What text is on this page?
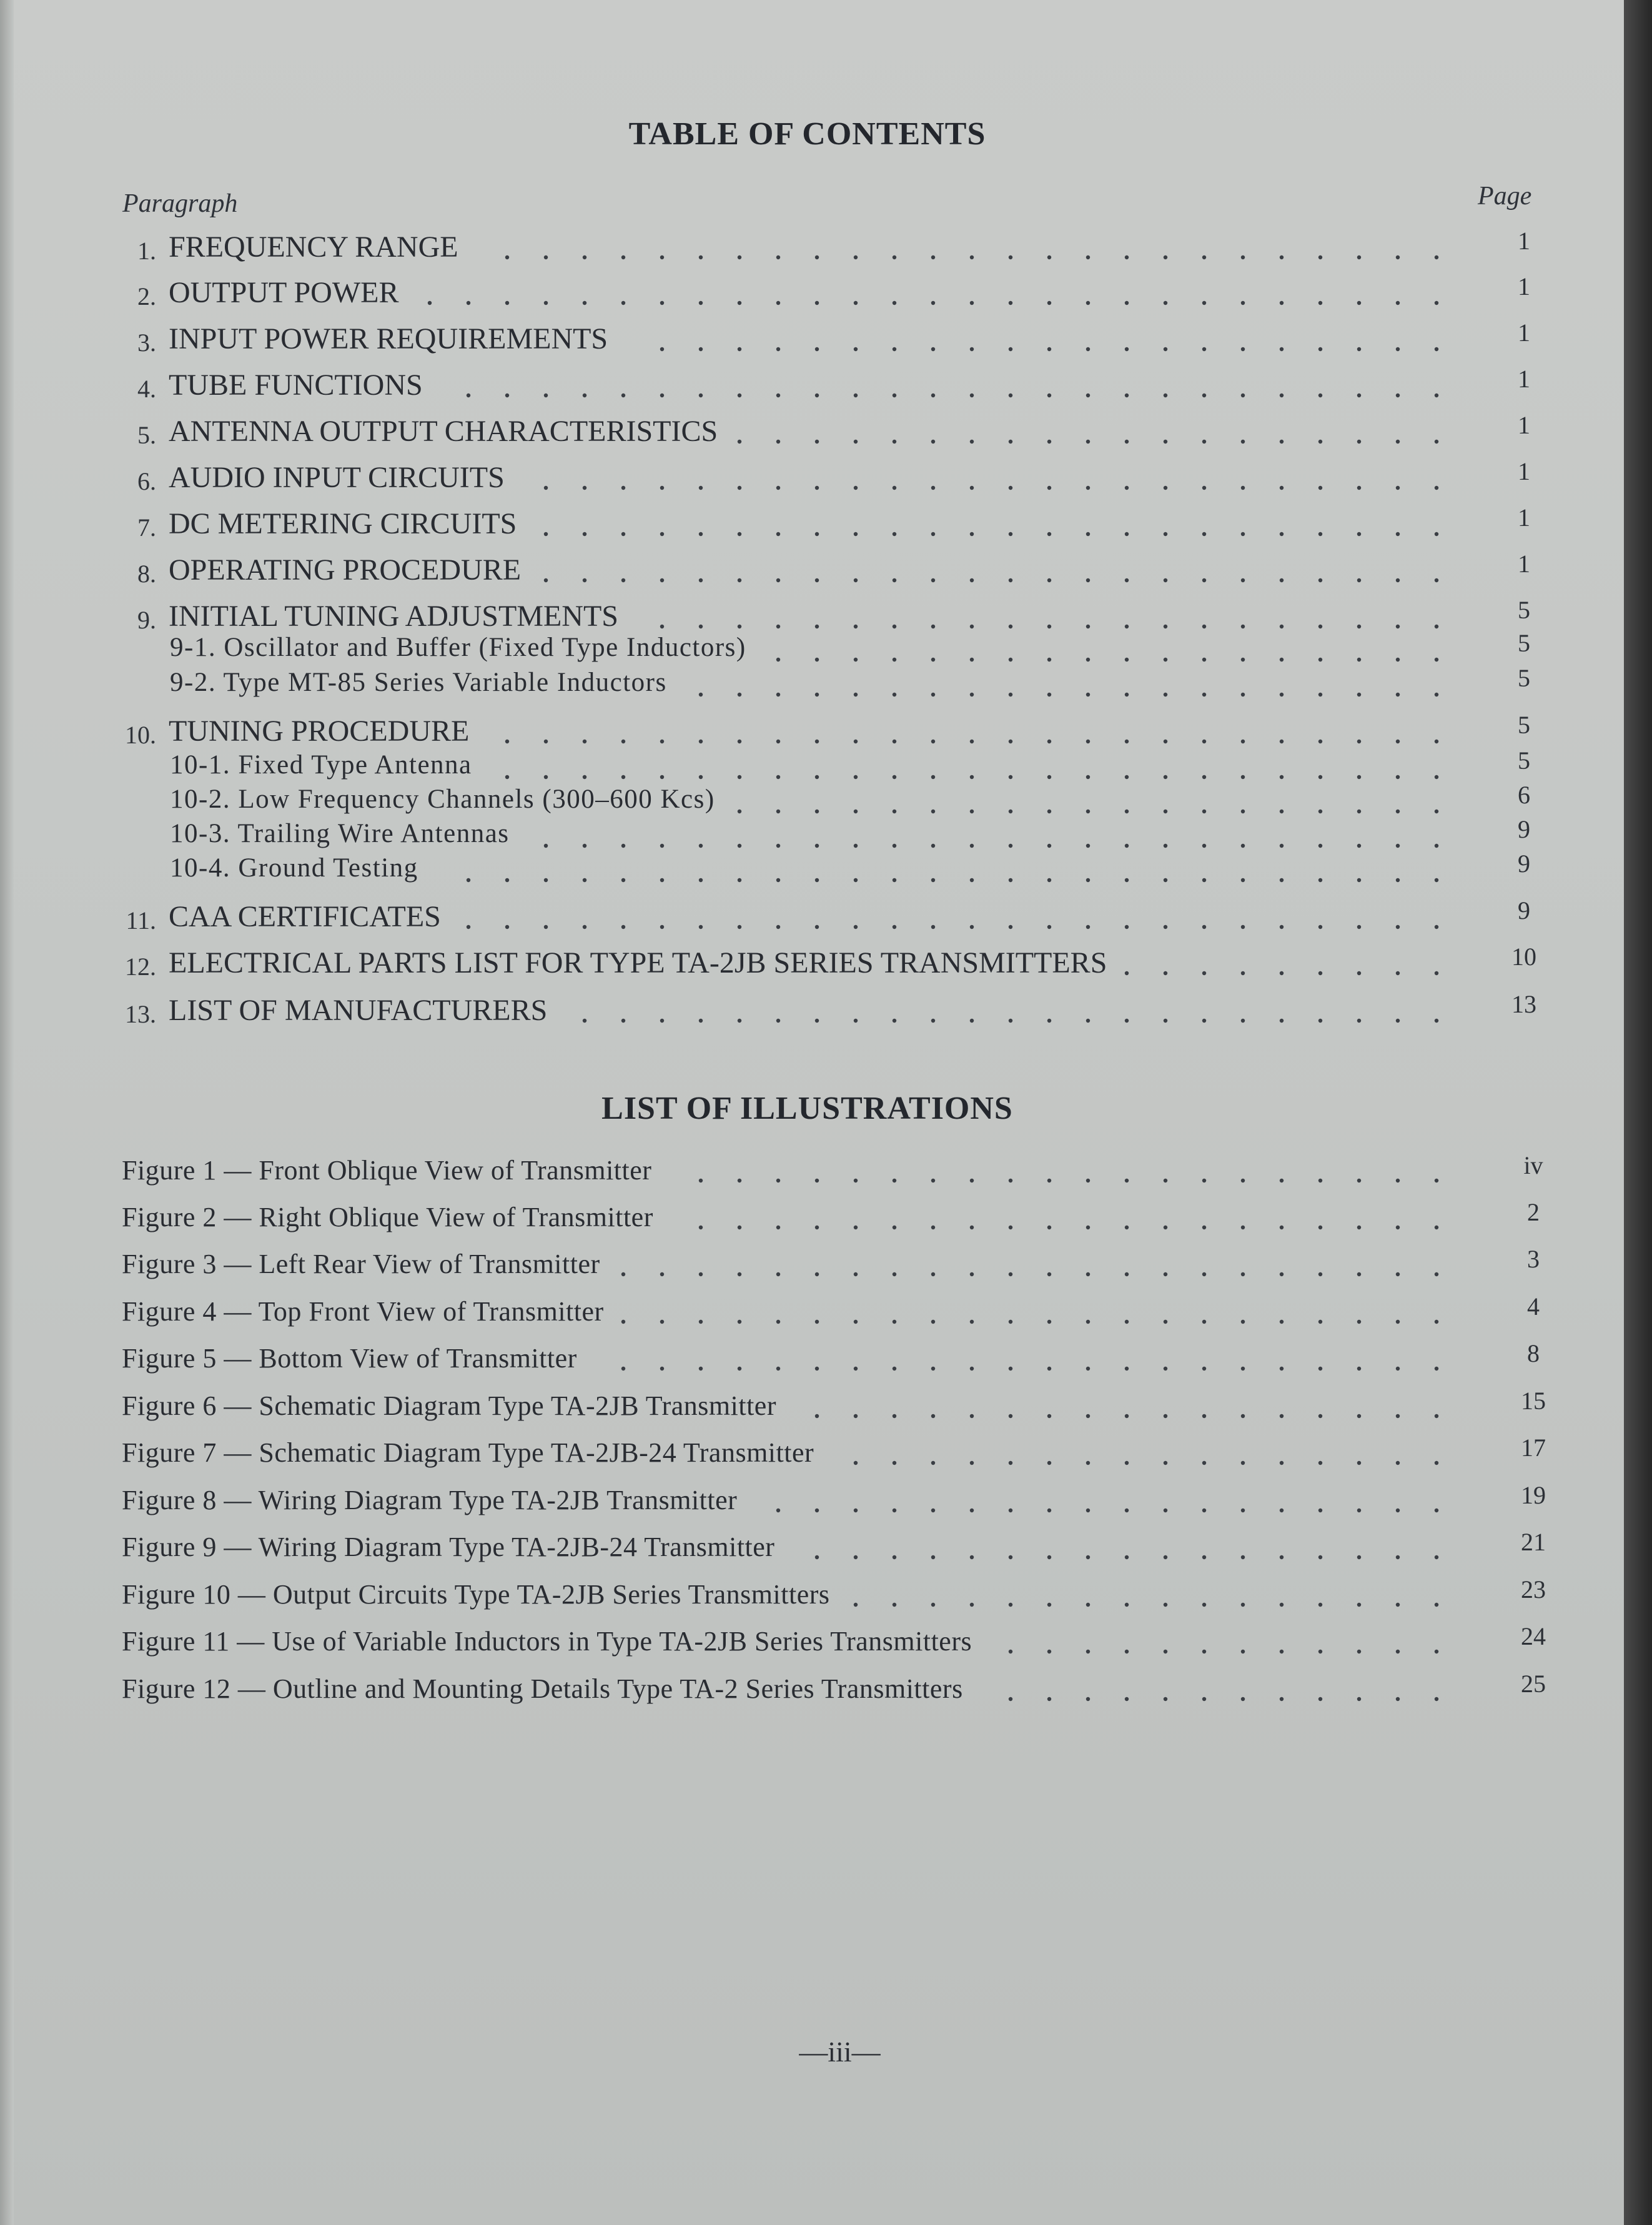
TABLE OF CONTENTS
Paragraph	Page
1. FREQUENCY RANGE	1
2. OUTPUT POWER	1
3. INPUT POWER REQUIREMENTS	1
4. TUBE FUNCTIONS	1
5. ANTENNA OUTPUT CHARACTERISTICS	1
6. AUDIO INPUT CIRCUITS	1
7. DC METERING CIRCUITS	1
8. OPERATING PROCEDURE	1
9. INITIAL TUNING ADJUSTMENTS	5
9-1. Oscillator and Buffer (Fixed Type Inductors)	5
9-2. Type MT-85 Series Variable Inductors	5
10. TUNING PROCEDURE	5
10-1. Fixed Type Antenna	5
10-2. Low Frequency Channels (300–600 Kcs)	6
10-3. Trailing Wire Antennas	9
10-4. Ground Testing	9
11. CAA CERTIFICATES	9
12. ELECTRICAL PARTS LIST FOR TYPE TA-2JB SERIES TRANSMITTERS	10
13. LIST OF MANUFACTURERS	13
LIST OF ILLUSTRATIONS
Figure 1 — Front Oblique View of Transmitter	iv
Figure 2 — Right Oblique View of Transmitter	2
Figure 3 — Left Rear View of Transmitter	3
Figure 4 — Top Front View of Transmitter	4
Figure 5 — Bottom View of Transmitter	8
Figure 6 — Schematic Diagram Type TA-2JB Transmitter	15
Figure 7 — Schematic Diagram Type TA-2JB-24 Transmitter	17
Figure 8 — Wiring Diagram Type TA-2JB Transmitter	19
Figure 9 — Wiring Diagram Type TA-2JB-24 Transmitter	21
Figure 10 — Output Circuits Type TA-2JB Series Transmitters	23
Figure 11 — Use of Variable Inductors in Type TA-2JB Series Transmitters	24
Figure 12 — Outline and Mounting Details Type TA-2 Series Transmitters	25
—iii—
